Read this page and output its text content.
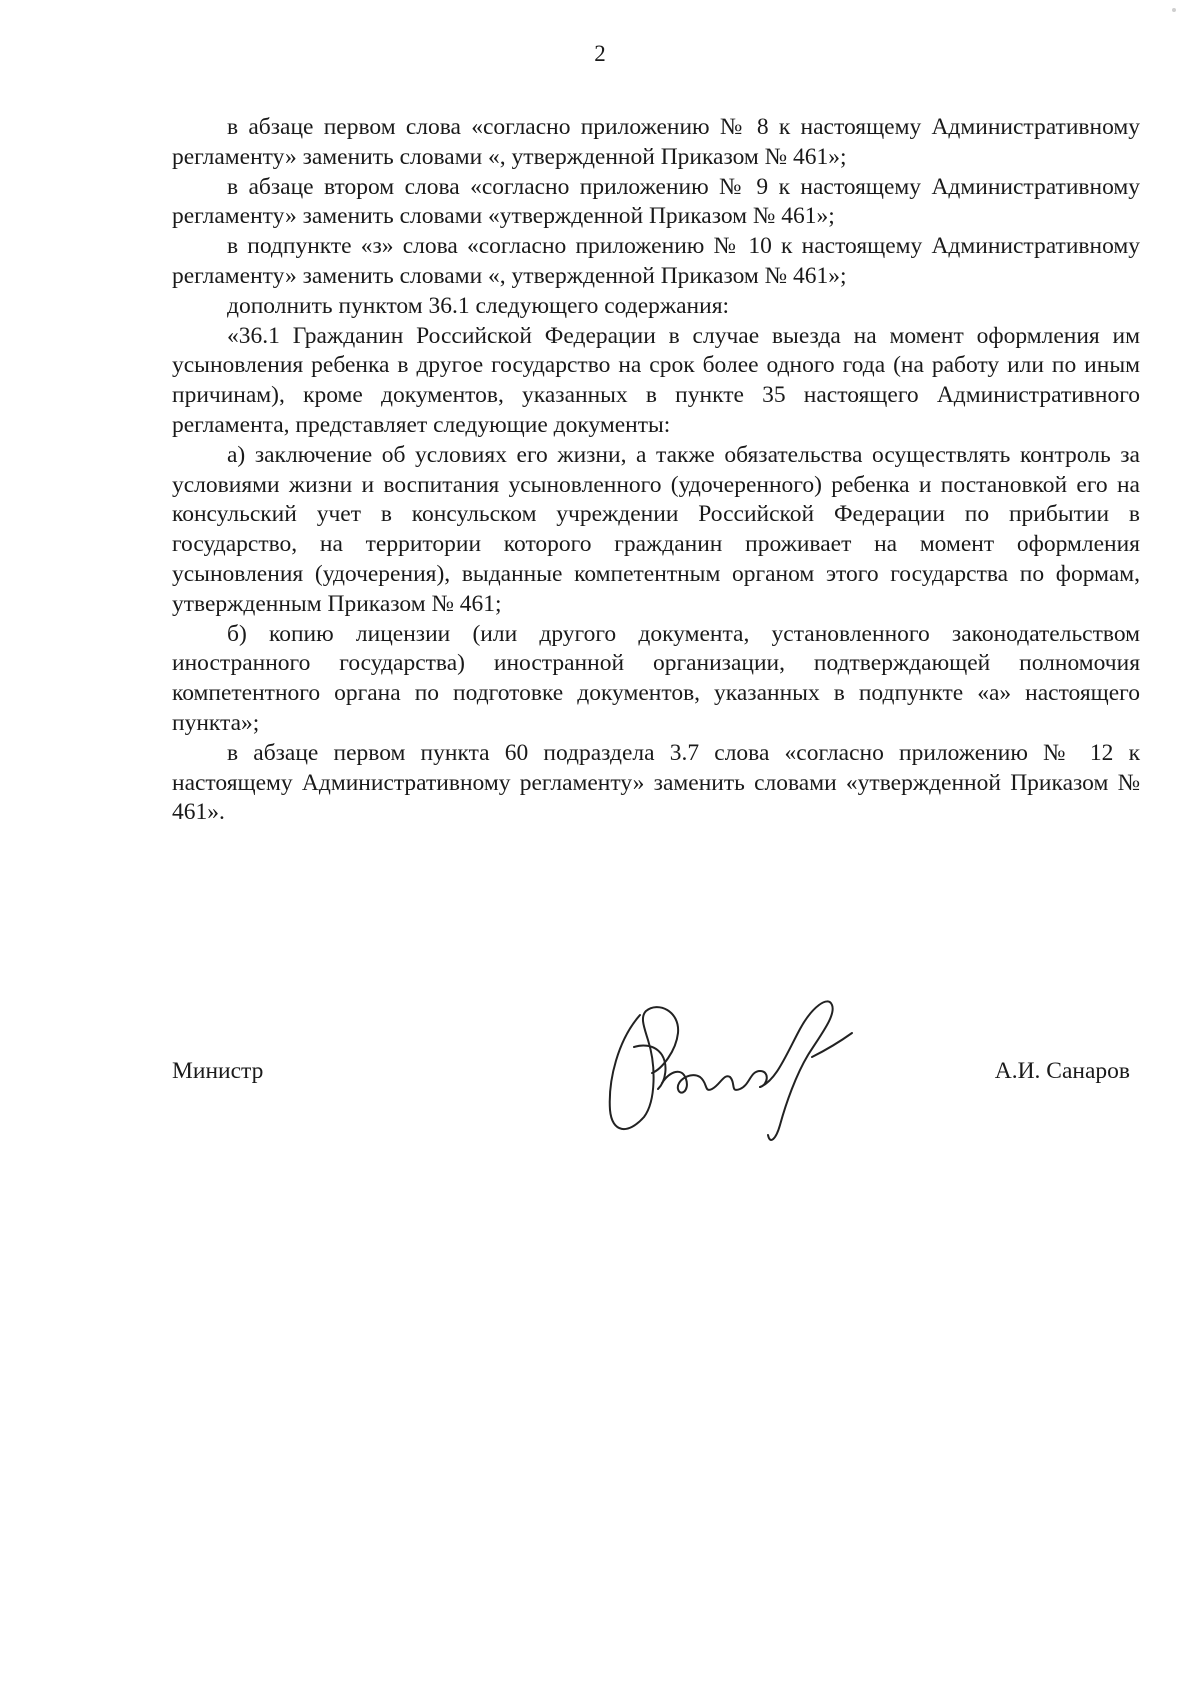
2

в абзаце первом слова «согласно приложению № 8 к настоящему Административному регламенту» заменить словами «, утвержденной Приказом № 461»;

в абзаце втором слова «согласно приложению № 9 к настоящему Административному регламенту» заменить словами «утвержденной Приказом № 461»;

в подпункте «з» слова «согласно приложению № 10 к настоящему Административному регламенту» заменить словами «, утвержденной Приказом № 461»;

дополнить пунктом 36.1 следующего содержания:

«36.1 Гражданин Российской Федерации в случае выезда на момент оформления им усыновления ребенка в другое государство на срок более одного года (на работу или по иным причинам), кроме документов, указанных в пункте 35 настоящего Административного регламента, представляет следующие документы:

а) заключение об условиях его жизни, а также обязательства осуществлять контроль за условиями жизни и воспитания усыновленного (удочеренного) ребенка и постановкой его на консульский учет в консульском учреждении Российской Федерации по прибытии в государство, на территории которого гражданин проживает на момент оформления усыновления (удочерения), выданные компетентным органом этого государства по формам, утвержденным Приказом № 461;

б) копию лицензии (или другого документа, установленного законодательством иностранного государства) иностранной организации, подтверждающей полномочия компетентного органа по подготовке документов, указанных в подпункте «а» настоящего пункта»;

в абзаце первом пункта 60 подраздела 3.7 слова «согласно приложению № 12 к настоящему Административному регламенту» заменить словами «утвержденной Приказом № 461».

Министр	А.И. Санаров
